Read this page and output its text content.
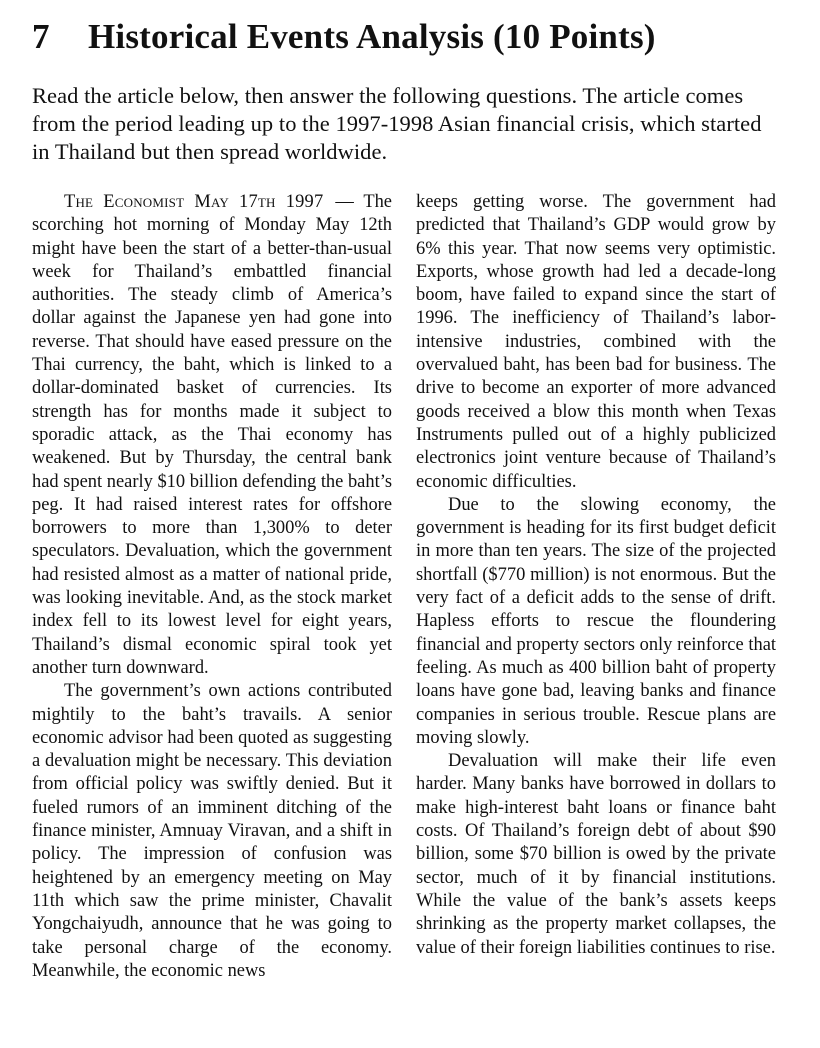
7 Historical Events Analysis (10 Points)

Read the article below, then answer the following questions. The article comes from the period leading up to the 1997-1998 Asian financial crisis, which started in Thailand but then spread worldwide.

The Economist May 17th 1997 — The scorching hot morning of Monday May 12th might have been the start of a better-than-usual week for Thailand’s embattled financial authorities. The steady climb of America’s dollar against the Japanese yen had gone into reverse. That should have eased pressure on the Thai currency, the baht, which is linked to a dollar-dominated basket of currencies. Its strength has for months made it subject to sporadic attack, as the Thai economy has weakened. But by Thursday, the central bank had spent nearly $10 billion defending the baht’s peg. It had raised interest rates for offshore borrowers to more than 1,300% to deter speculators. Devaluation, which the government had resisted almost as a matter of national pride, was looking inevitable. And, as the stock market index fell to its lowest level for eight years, Thailand’s dismal economic spiral took yet another turn downward.

The government’s own actions contributed mightily to the baht’s travails. A senior economic advisor had been quoted as suggesting a devaluation might be necessary. This deviation from official policy was swiftly denied. But it fueled rumors of an imminent ditching of the finance minister, Amnuay Viravan, and a shift in policy. The impression of confusion was heightened by an emergency meeting on May 11th which saw the prime minister, Chavalit Yongchaiyudh, announce that he was going to take personal charge of the economy. Meanwhile, the economic news

keeps getting worse. The government had predicted that Thailand’s GDP would grow by 6% this year. That now seems very optimistic. Exports, whose growth had led a decade-long boom, have failed to expand since the start of 1996. The inefficiency of Thailand’s labor-intensive industries, combined with the overvalued baht, has been bad for business. The drive to become an exporter of more advanced goods received a blow this month when Texas Instruments pulled out of a highly publicized electronics joint venture because of Thailand’s economic difficulties.

Due to the slowing economy, the government is heading for its first budget deficit in more than ten years. The size of the projected shortfall ($770 million) is not enormous. But the very fact of a deficit adds to the sense of drift. Hapless efforts to rescue the floundering financial and property sectors only reinforce that feeling. As much as 400 billion baht of property loans have gone bad, leaving banks and finance companies in serious trouble. Rescue plans are moving slowly.

Devaluation will make their life even harder. Many banks have borrowed in dollars to make high-interest baht loans or finance baht costs. Of Thailand’s foreign debt of about $90 billion, some $70 billion is owed by the private sector, much of it by financial institutions. While the value of the bank’s assets keeps shrinking as the property market collapses, the value of their foreign liabilities continues to rise.
